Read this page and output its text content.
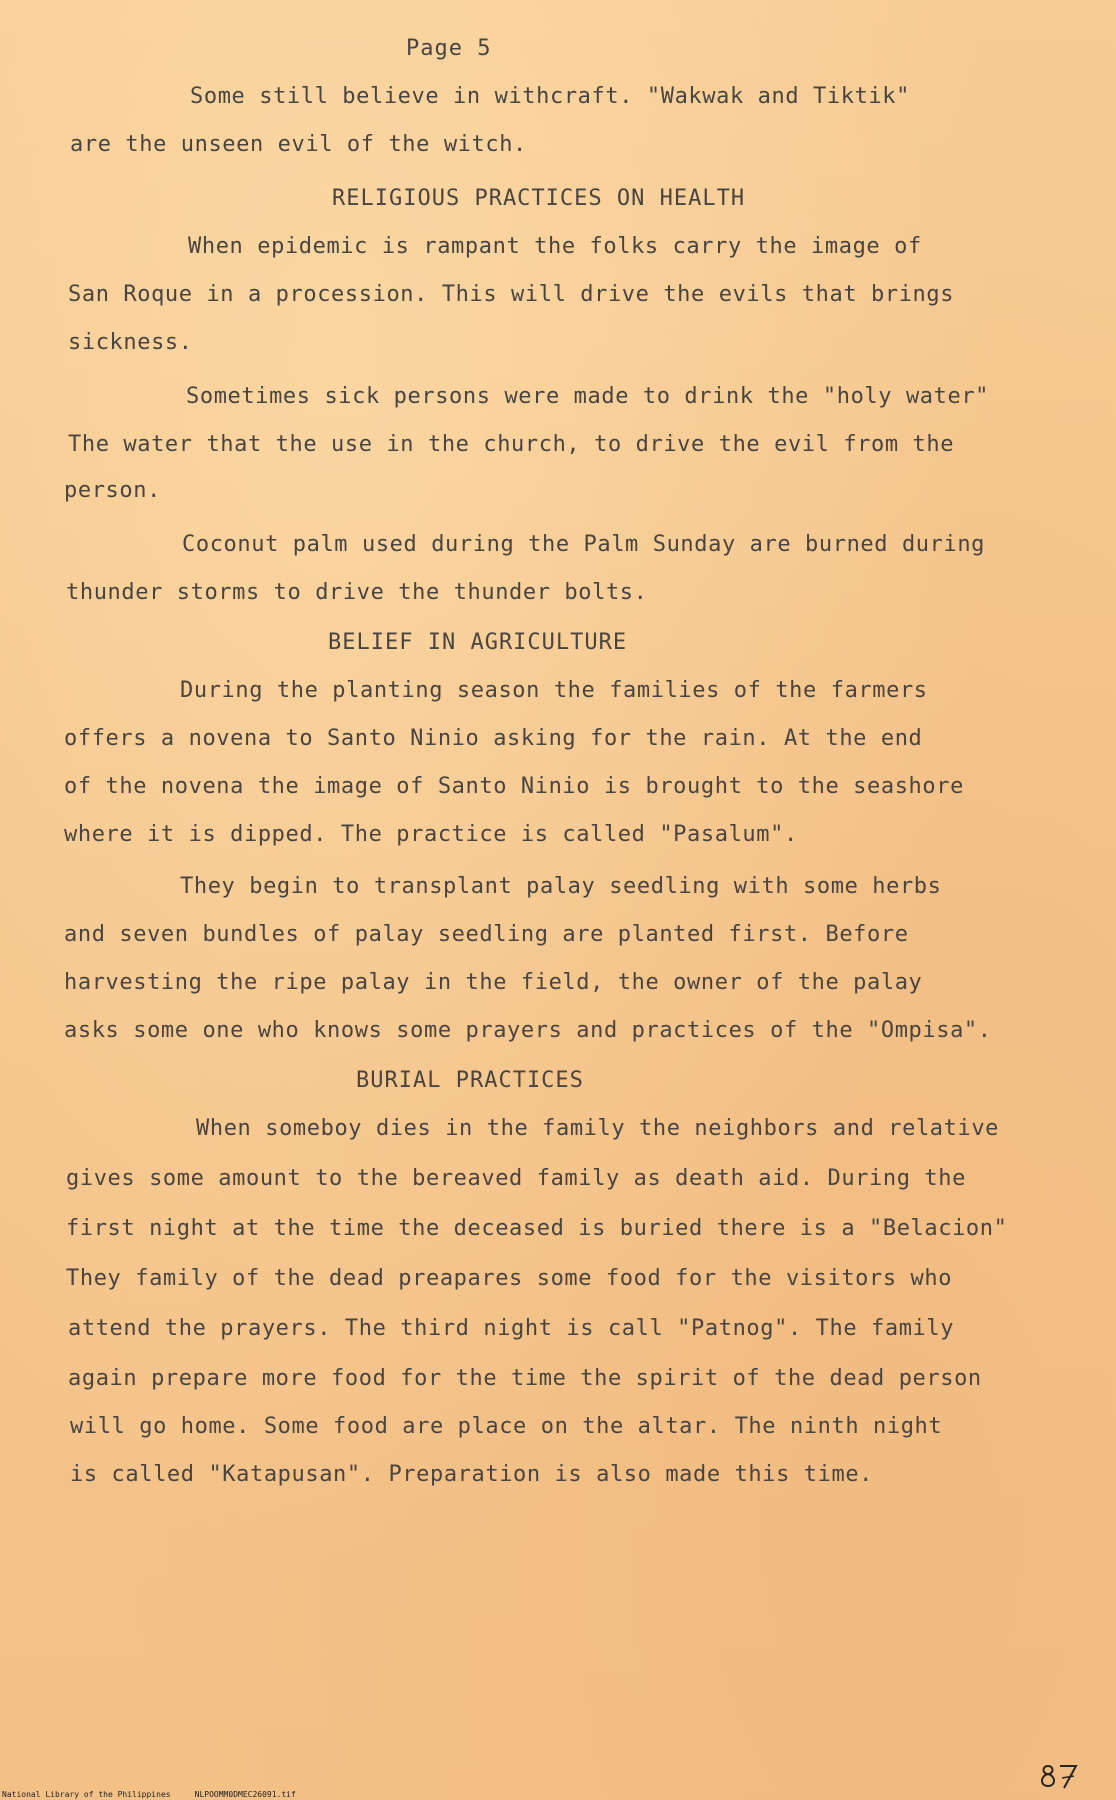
Page 5
Some still believe in withcraft. "Wakwak and Tiktik"
are the unseen evil of the witch.
RELIGIOUS PRACTICES ON HEALTH
When epidemic is rampant the folks carry the image of
San Roque in a procession. This will drive the evils that brings
sickness.
Sometimes sick persons were made to drink the "holy water"
The water that the use in the church, to drive the evil from the
person.
Coconut palm used during the Palm Sunday are burned during
thunder storms to drive the thunder bolts.
BELIEF IN AGRICULTURE
During the planting season the families of the farmers
offers a novena to Santo Ninio asking for the rain. At the end
of the novena the image of Santo Ninio is brought to the seashore
where it is dipped. The practice is called "Pasalum".
They begin to transplant palay seedling with some herbs
and seven bundles of palay seedling are planted first. Before
harvesting the ripe palay in the field, the owner of the palay
asks some one who knows some prayers and practices of the "Ompisa".
BURIAL PRACTICES
When someboy dies in the family the neighbors and relative
gives some amount to the bereaved family as death aid. During the
first night at the time the deceased is buried there is a "Belacion"
They family of the dead preapares some food for the visitors who
attend the prayers. The third night is call "Patnog". The family
again prepare more food for the time the spirit of the dead person
will go home. Some food are place on the altar. The ninth night
is called "Katapusan". Preparation is also made this time.
National Library of the Philippines     NLPOOMM0DMEC26091.tif
